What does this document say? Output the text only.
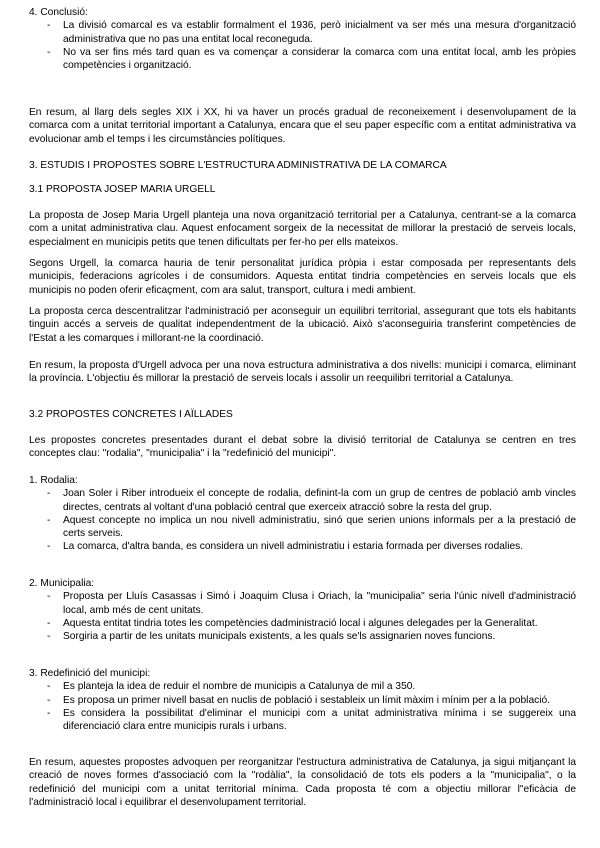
4. Conclusió:
- La divisió comarcal es va establir formalment el 1936, però inicialment va ser més una mesura d'organització administrativa que no pas una entitat local reconeguda.
- No va ser fins més tard quan es va començar a considerar la comarca com una entitat local, amb les pròpies competències i organització.

En resum, al llarg dels segles XIX i XX, hi va haver un procés gradual de reconeixement i desenvolupament de la comarca com a unitat territorial important a Catalunya, encara que el seu paper específic com a entitat administrativa va evolucionar amb el temps i les circumstàncies polítiques.

3. ESTUDIS I PROPOSTES SOBRE L'ESTRUCTURA ADMINISTRATIVA DE LA COMARCA
3.1 PROPOSTA JOSEP MARIA URGELL

La proposta de Josep Maria Urgell planteja una nova organització territorial per a Catalunya, centrant-se a la comarca com a unitat administrativa clau. Aquest enfocament sorgeix de la necessitat de millorar la prestació de serveis locals, especialment en municipis petits que tenen dificultats per fer-ho per ells mateixos.

Segons Urgell, la comarca hauria de tenir personalitat jurídica pròpia i estar composada per representants dels municipis, federacions agrícoles i de consumidors. Aquesta entitat tindria competències en serveis locals que els municipis no poden oferir eficaçment, com ara salut, transport, cultura i medi ambient.

La proposta cerca descentralitzar l'administració per aconseguir un equilibri territorial, assegurant que tots els habitants tinguin accés a serveis de qualitat independentment de la ubicació. Això s'aconseguiria transferint competències de l'Estat a les comarques i millorant-ne la coordinació.

En resum, la proposta d'Urgell advoca per una nova estructura administrativa a dos nivells: municipi i comarca, eliminant la província. L'objectiu és millorar la prestació de serveis locals i assolir un reequilibri territorial a Catalunya.

3.2 PROPOSTES CONCRETES I AÏLLADES

Les propostes concretes presentades durant el debat sobre la divisió territorial de Catalunya se centren en tres conceptes clau: "rodalia", "municipalia" i la "redefinició del municipi".

1. Rodalia:
- Joan Soler i Riber introdueix el concepte de rodalia, definint-la com un grup de centres de població amb vincles directes, centrats al voltant d'una població central que exerceix atracció sobre la resta del grup.
- Aquest concepte no implica un nou nivell administratiu, sinó que serien unions informals per a la prestació de certs serveis.
- La comarca, d'altra banda, es considera un nivell administratiu i estaria formada per diverses rodalies.
2. Municipalia:
- Proposta per Lluís Casassas i Simó i Joaquim Clusa i Oriach, la "municipalia" seria l'únic nivell d'administració local, amb més de cent unitats.
- Aquesta entitat tindria totes les competències dadministració local i algunes delegades per la Generalitat.
- Sorgiria a partir de les unitats municipals existents, a les quals se'ls assignarien noves funcions.
3. Redefinició del municipi:
- Es planteja la idea de reduir el nombre de municipis a Catalunya de mil a 350.
- Es proposa un primer nivell basat en nuclis de població i sestableix un límit màxim i mínim per a la població.
- Es considera la possibilitat d'eliminar el municipi com a unitat administrativa mínima i se suggereix una diferenciació clara entre municipis rurals i urbans.

En resum, aquestes propostes advoquen per reorganitzar l'estructura administrativa de Catalunya, ja sigui mitjançant la creació de noves formes d'associació com la "rodàlia", la consolidació de tots els poders a la "municipalia", o la redefinició del municipi com a unitat territorial mínima. Cada proposta té com a objectiu millorar l"eficàcia de l'administració local i equilibrar el desenvolupament territorial.
